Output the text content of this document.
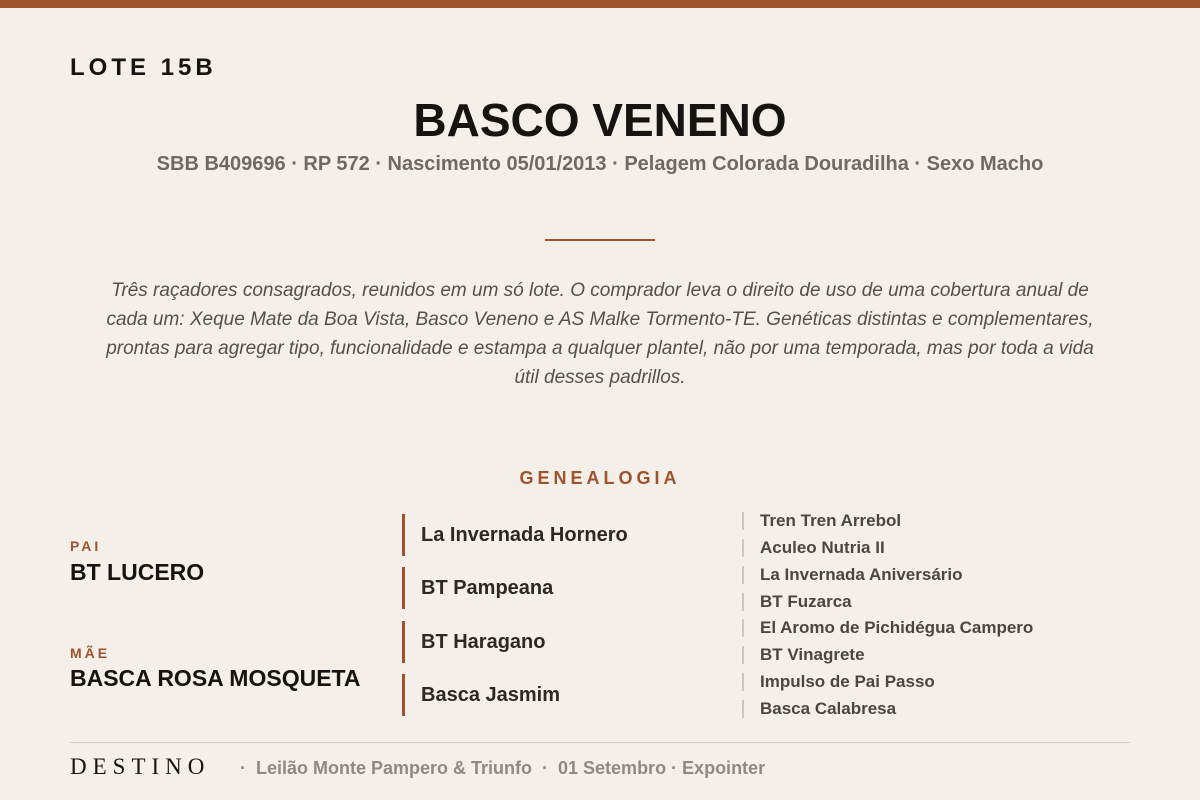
LOTE 15B
BASCO VENENO
SBB B409696 · RP 572 · Nascimento 05/01/2013 · Pelagem Colorada Douradilha · Sexo Macho
Três raçadores consagrados, reunidos em um só lote. O comprador leva o direito de uso de uma cobertura anual de cada um: Xeque Mate da Boa Vista, Basco Veneno e AS Malke Tormento-TE. Genéticas distintas e complementares, prontas para agregar tipo, funcionalidade e estampa a qualquer plantel, não por uma temporada, mas por toda a vida útil desses padrillos.
GENEALOGIA
PAI
BT LUCERO
MÃE
BASCA ROSA MOSQUETA
La Invernada Hornero
BT Pampeana
BT Haragano
Basca Jasmim
Tren Tren Arrebol
Aculeo Nutria II
La Invernada Aniversário
BT Fuzarca
El Aromo de Pichidégua Campero
BT Vinagrete
Impulso de Pai Passo
Basca Calabresa
DESTINO ·  Leilão Monte Pampero & Triunfo  ·  01 Setembro · Expointer
